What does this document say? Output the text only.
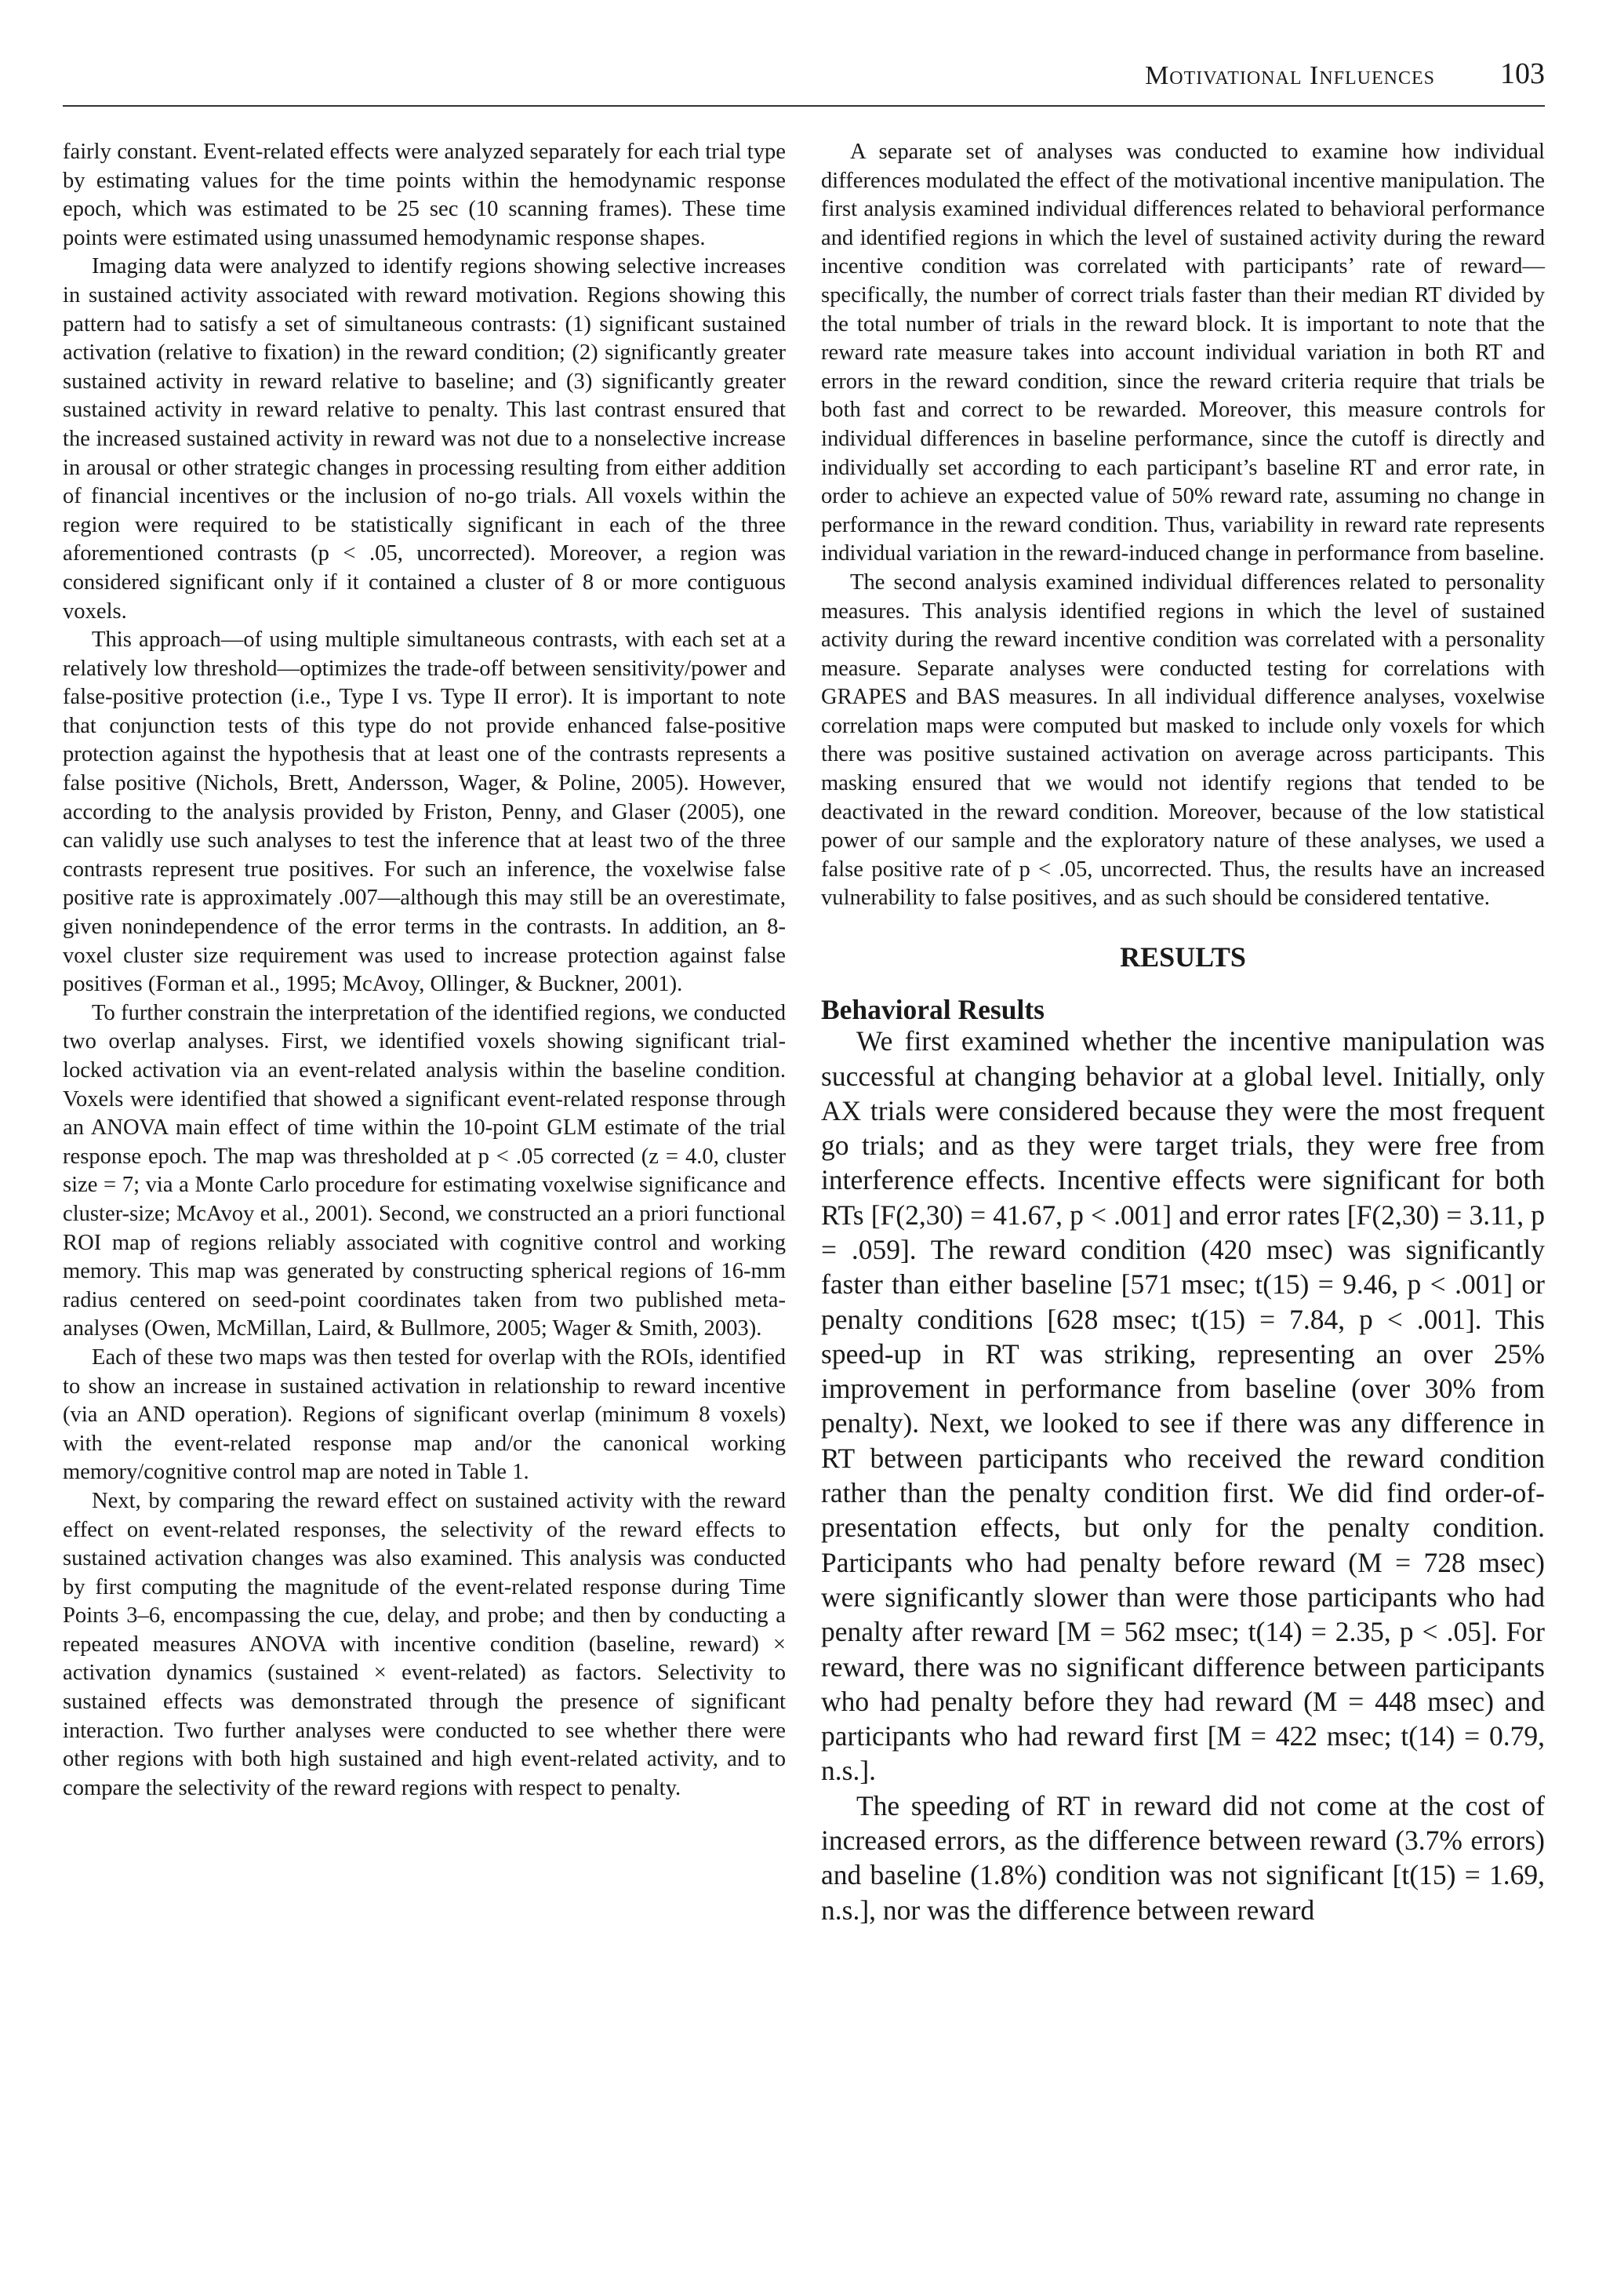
Motivational Influences 103

fairly constant. Event-related effects were analyzed separately for each trial type by estimating values for the time points within the hemodynamic response epoch, which was estimated to be 25 sec (10 scanning frames). These time points were estimated using unassumed hemodynamic response shapes.

Imaging data were analyzed to identify regions showing selective increases in sustained activity associated with reward motivation. Regions showing this pattern had to satisfy a set of simultaneous contrasts: (1) significant sustained activation (relative to fixation) in the reward condition; (2) significantly greater sustained activity in reward relative to baseline; and (3) significantly greater sustained activity in reward relative to penalty. This last contrast ensured that the increased sustained activity in reward was not due to a nonselective increase in arousal or other strategic changes in processing resulting from either addition of financial incentives or the inclusion of no-go trials. All voxels within the region were required to be statistically significant in each of the three aforementioned contrasts (p < .05, uncorrected). Moreover, a region was considered significant only if it contained a cluster of 8 or more contiguous voxels.

This approach—of using multiple simultaneous contrasts, with each set at a relatively low threshold—optimizes the trade-off between sensitivity/power and false-positive protection (i.e., Type I vs. Type II error). It is important to note that conjunction tests of this type do not provide enhanced false-positive protection against the hypothesis that at least one of the contrasts represents a false positive (Nichols, Brett, Andersson, Wager, & Poline, 2005). However, according to the analysis provided by Friston, Penny, and Glaser (2005), one can validly use such analyses to test the inference that at least two of the three contrasts represent true positives. For such an inference, the voxelwise false positive rate is approximately .007—although this may still be an overestimate, given nonindependence of the error terms in the contrasts. In addition, an 8-voxel cluster size requirement was used to increase protection against false positives (Forman et al., 1995; McAvoy, Ollinger, & Buckner, 2001).

To further constrain the interpretation of the identified regions, we conducted two overlap analyses. First, we identified voxels showing significant trial-locked activation via an event-related analysis within the baseline condition. Voxels were identified that showed a significant event-related response through an ANOVA main effect of time within the 10-point GLM estimate of the trial response epoch. The map was thresholded at p < .05 corrected (z = 4.0, cluster size = 7; via a Monte Carlo procedure for estimating voxelwise significance and cluster-size; McAvoy et al., 2001). Second, we constructed an a priori functional ROI map of regions reliably associated with cognitive control and working memory. This map was generated by constructing spherical regions of 16-mm radius centered on seed-point coordinates taken from two published meta-analyses (Owen, McMillan, Laird, & Bullmore, 2005; Wager & Smith, 2003).

Each of these two maps was then tested for overlap with the ROIs, identified to show an increase in sustained activation in relationship to reward incentive (via an AND operation). Regions of significant overlap (minimum 8 voxels) with the event-related response map and/or the canonical working memory/cognitive control map are noted in Table 1.

Next, by comparing the reward effect on sustained activity with the reward effect on event-related responses, the selectivity of the reward effects to sustained activation changes was also examined. This analysis was conducted by first computing the magnitude of the event-related response during Time Points 3–6, encompassing the cue, delay, and probe; and then by conducting a repeated measures ANOVA with incentive condition (baseline, reward) × activation dynamics (sustained × event-related) as factors. Selectivity to sustained effects was demonstrated through the presence of significant interaction. Two further analyses were conducted to see whether there were other regions with both high sustained and high event-related activity, and to compare the selectivity of the reward regions with respect to penalty.

A separate set of analyses was conducted to examine how individual differences modulated the effect of the motivational incentive manipulation. The first analysis examined individual differences related to behavioral performance and identified regions in which the level of sustained activity during the reward incentive condition was correlated with participants’ rate of reward—specifically, the number of correct trials faster than their median RT divided by the total number of trials in the reward block. It is important to note that the reward rate measure takes into account individual variation in both RT and errors in the reward condition, since the reward criteria require that trials be both fast and correct to be rewarded. Moreover, this measure controls for individual differences in baseline performance, since the cutoff is directly and individually set according to each participant’s baseline RT and error rate, in order to achieve an expected value of 50% reward rate, assuming no change in performance in the reward condition. Thus, variability in reward rate represents individual variation in the reward-induced change in performance from baseline.

The second analysis examined individual differences related to personality measures. This analysis identified regions in which the level of sustained activity during the reward incentive condition was correlated with a personality measure. Separate analyses were conducted testing for correlations with GRAPES and BAS measures. In all individual difference analyses, voxelwise correlation maps were computed but masked to include only voxels for which there was positive sustained activation on average across participants. This masking ensured that we would not identify regions that tended to be deactivated in the reward condition. Moreover, because of the low statistical power of our sample and the exploratory nature of these analyses, we used a false positive rate of p < .05, uncorrected. Thus, the results have an increased vulnerability to false positives, and as such should be considered tentative.

RESULTS
Behavioral Results

We first examined whether the incentive manipulation was successful at changing behavior at a global level. Initially, only AX trials were considered because they were the most frequent go trials; and as they were target trials, they were free from interference effects. Incentive effects were significant for both RTs [F(2,30) = 41.67, p < .001] and error rates [F(2,30) = 3.11, p = .059]. The reward condition (420 msec) was significantly faster than either baseline [571 msec; t(15) = 9.46, p < .001] or penalty conditions [628 msec; t(15) = 7.84, p < .001]. This speed-up in RT was striking, representing an over 25% improvement in performance from baseline (over 30% from penalty). Next, we looked to see if there was any difference in RT between participants who received the reward condition rather than the penalty condition first. We did find order-of-presentation effects, but only for the penalty condition. Participants who had penalty before reward (M = 728 msec) were significantly slower than were those participants who had penalty after reward [M = 562 msec; t(14) = 2.35, p < .05]. For reward, there was no significant difference between participants who had penalty before they had reward (M = 448 msec) and participants who had reward first [M = 422 msec; t(14) = 0.79, n.s.].

The speeding of RT in reward did not come at the cost of increased errors, as the difference between reward (3.7% errors) and baseline (1.8%) condition was not significant [t(15) = 1.69, n.s.], nor was the difference between reward
